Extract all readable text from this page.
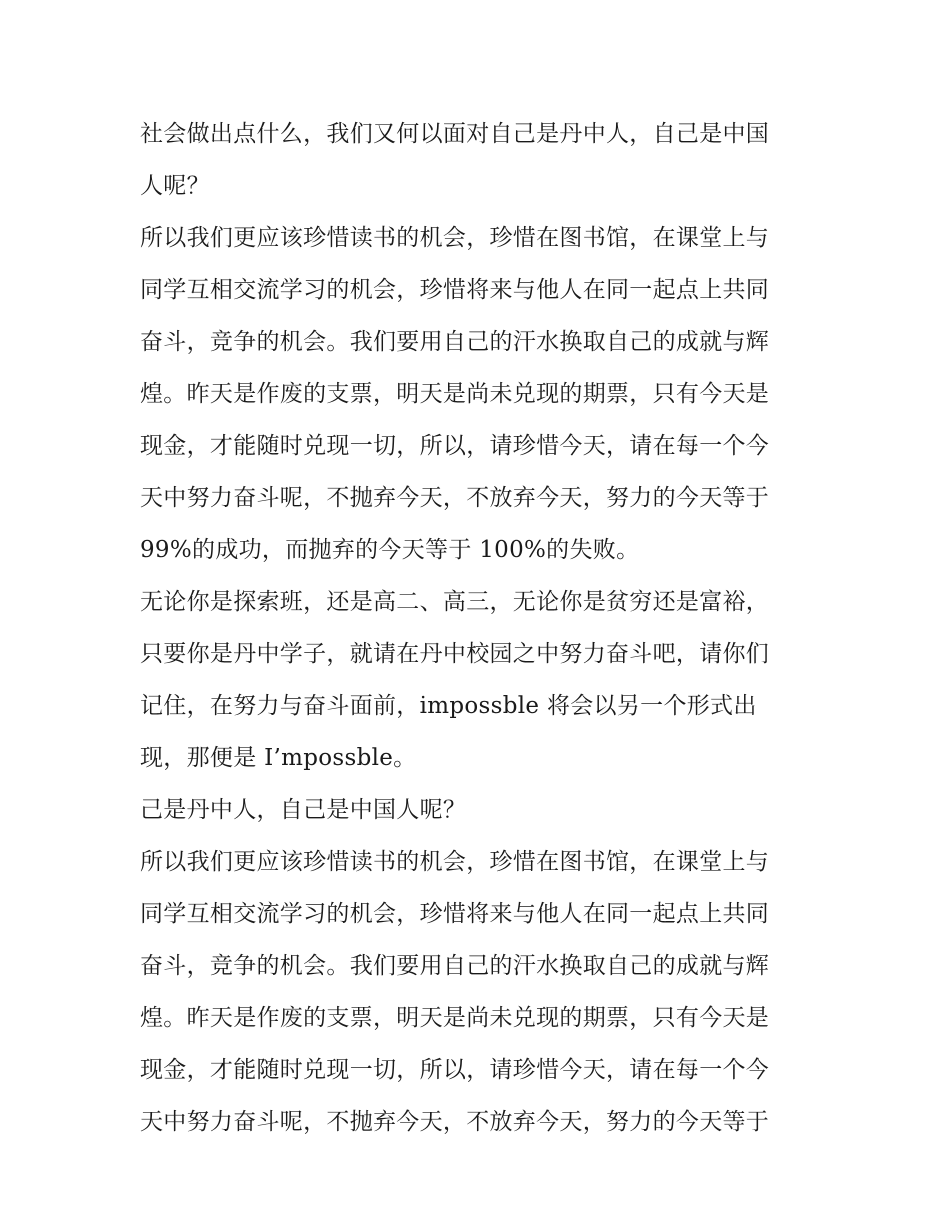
社会做出点什么，我们又何以面对自己是丹中人，自己是中国
人呢？
所以我们更应该珍惜读书的机会，珍惜在图书馆，在课堂上与
同学互相交流学习的机会，珍惜将来与他人在同一起点上共同
奋斗，竞争的机会。我们要用自己的汗水换取自己的成就与辉
煌。昨天是作废的支票，明天是尚未兑现的期票，只有今天是
现金，才能随时兑现一切，所以，请珍惜今天，请在每一个今
天中努力奋斗呢，不抛弃今天，不放弃今天，努力的今天等于
99%的成功，而抛弃的今天等于 100%的失败。
无论你是探索班，还是高二、高三，无论你是贫穷还是富裕，
只要你是丹中学子，就请在丹中校园之中努力奋斗吧，请你们
记住，在努力与奋斗面前，impossble 将会以另一个形式出
现，那便是 I’mpossble。
己是丹中人，自己是中国人呢？
所以我们更应该珍惜读书的机会，珍惜在图书馆，在课堂上与
同学互相交流学习的机会，珍惜将来与他人在同一起点上共同
奋斗，竞争的机会。我们要用自己的汗水换取自己的成就与辉
煌。昨天是作废的支票，明天是尚未兑现的期票，只有今天是
现金，才能随时兑现一切，所以，请珍惜今天，请在每一个今
天中努力奋斗呢，不抛弃今天，不放弃今天，努力的今天等于
